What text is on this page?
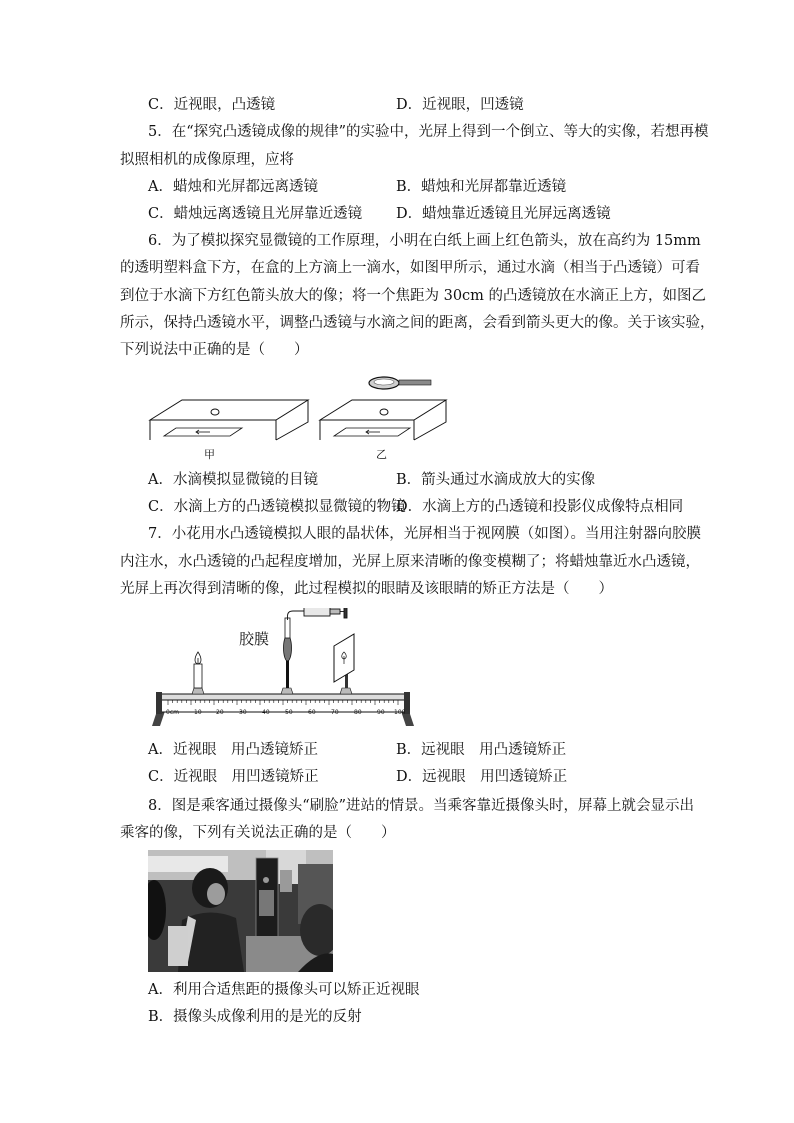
C．近视眼，凸透镜	D．近视眼，凹透镜
5．在“探究凸透镜成像的规律”的实验中，光屏上得到一个倒立、等大的实像，若想再模
拟照相机的成像原理，应将
A．蜡烛和光屏都远离透镜	B．蜡烛和光屏都靠近透镜
C．蜡烛远离透镜且光屏靠近透镜 D．蜡烛靠近透镜且光屏远离透镜
6．为了模拟探究显微镜的工作原理，小明在白纸上画上红色箭头，放在高约为 15mm
的透明塑料盒下方，在盒的上方滴上一滴水，如图甲所示，通过水滴（相当于凸透镜）可看
到位于水滴下方红色箭头放大的像；将一个焦距为 30cm 的凸透镜放在水滴正上方，如图乙
所示，保持凸透镜水平，调整凸透镜与水滴之间的距离，会看到箭头更大的像。关于该实验，
下列说法中正确的是（　　）
甲	乙
A．水滴模拟显微镜的目镜	B．箭头通过水滴成放大的实像
C．水滴上方的凸透镜模拟显微镜的物镜
D．水滴上方的凸透镜和投影仪成像特点相同
7．小花用水凸透镜模拟人眼的晶状体，光屏相当于视网膜（如图）。当用注射器向胶膜
内注水，水凸透镜的凸起程度增加，光屏上原来清晰的像变模糊了；将蜡烛靠近水凸透镜，
光屏上再次得到清晰的像，此过程模拟的眼睛及该眼睛的矫正方法是（　　）
胶膜
0cm	10 20	30	40	50	60	70	80	90 100
A．近视眼　用凸透镜矫正	B．远视眼　用凸透镜矫正
C．近视眼　用凹透镜矫正	D．远视眼　用凹透镜矫正
8．图是乘客通过摄像头“刷脸”进站的情景。当乘客靠近摄像头时，屏幕上就会显示出
乘客的像，下列有关说法正确的是（　　）
A．利用合适焦距的摄像头可以矫正近视眼
B．摄像头成像利用的是光的反射
